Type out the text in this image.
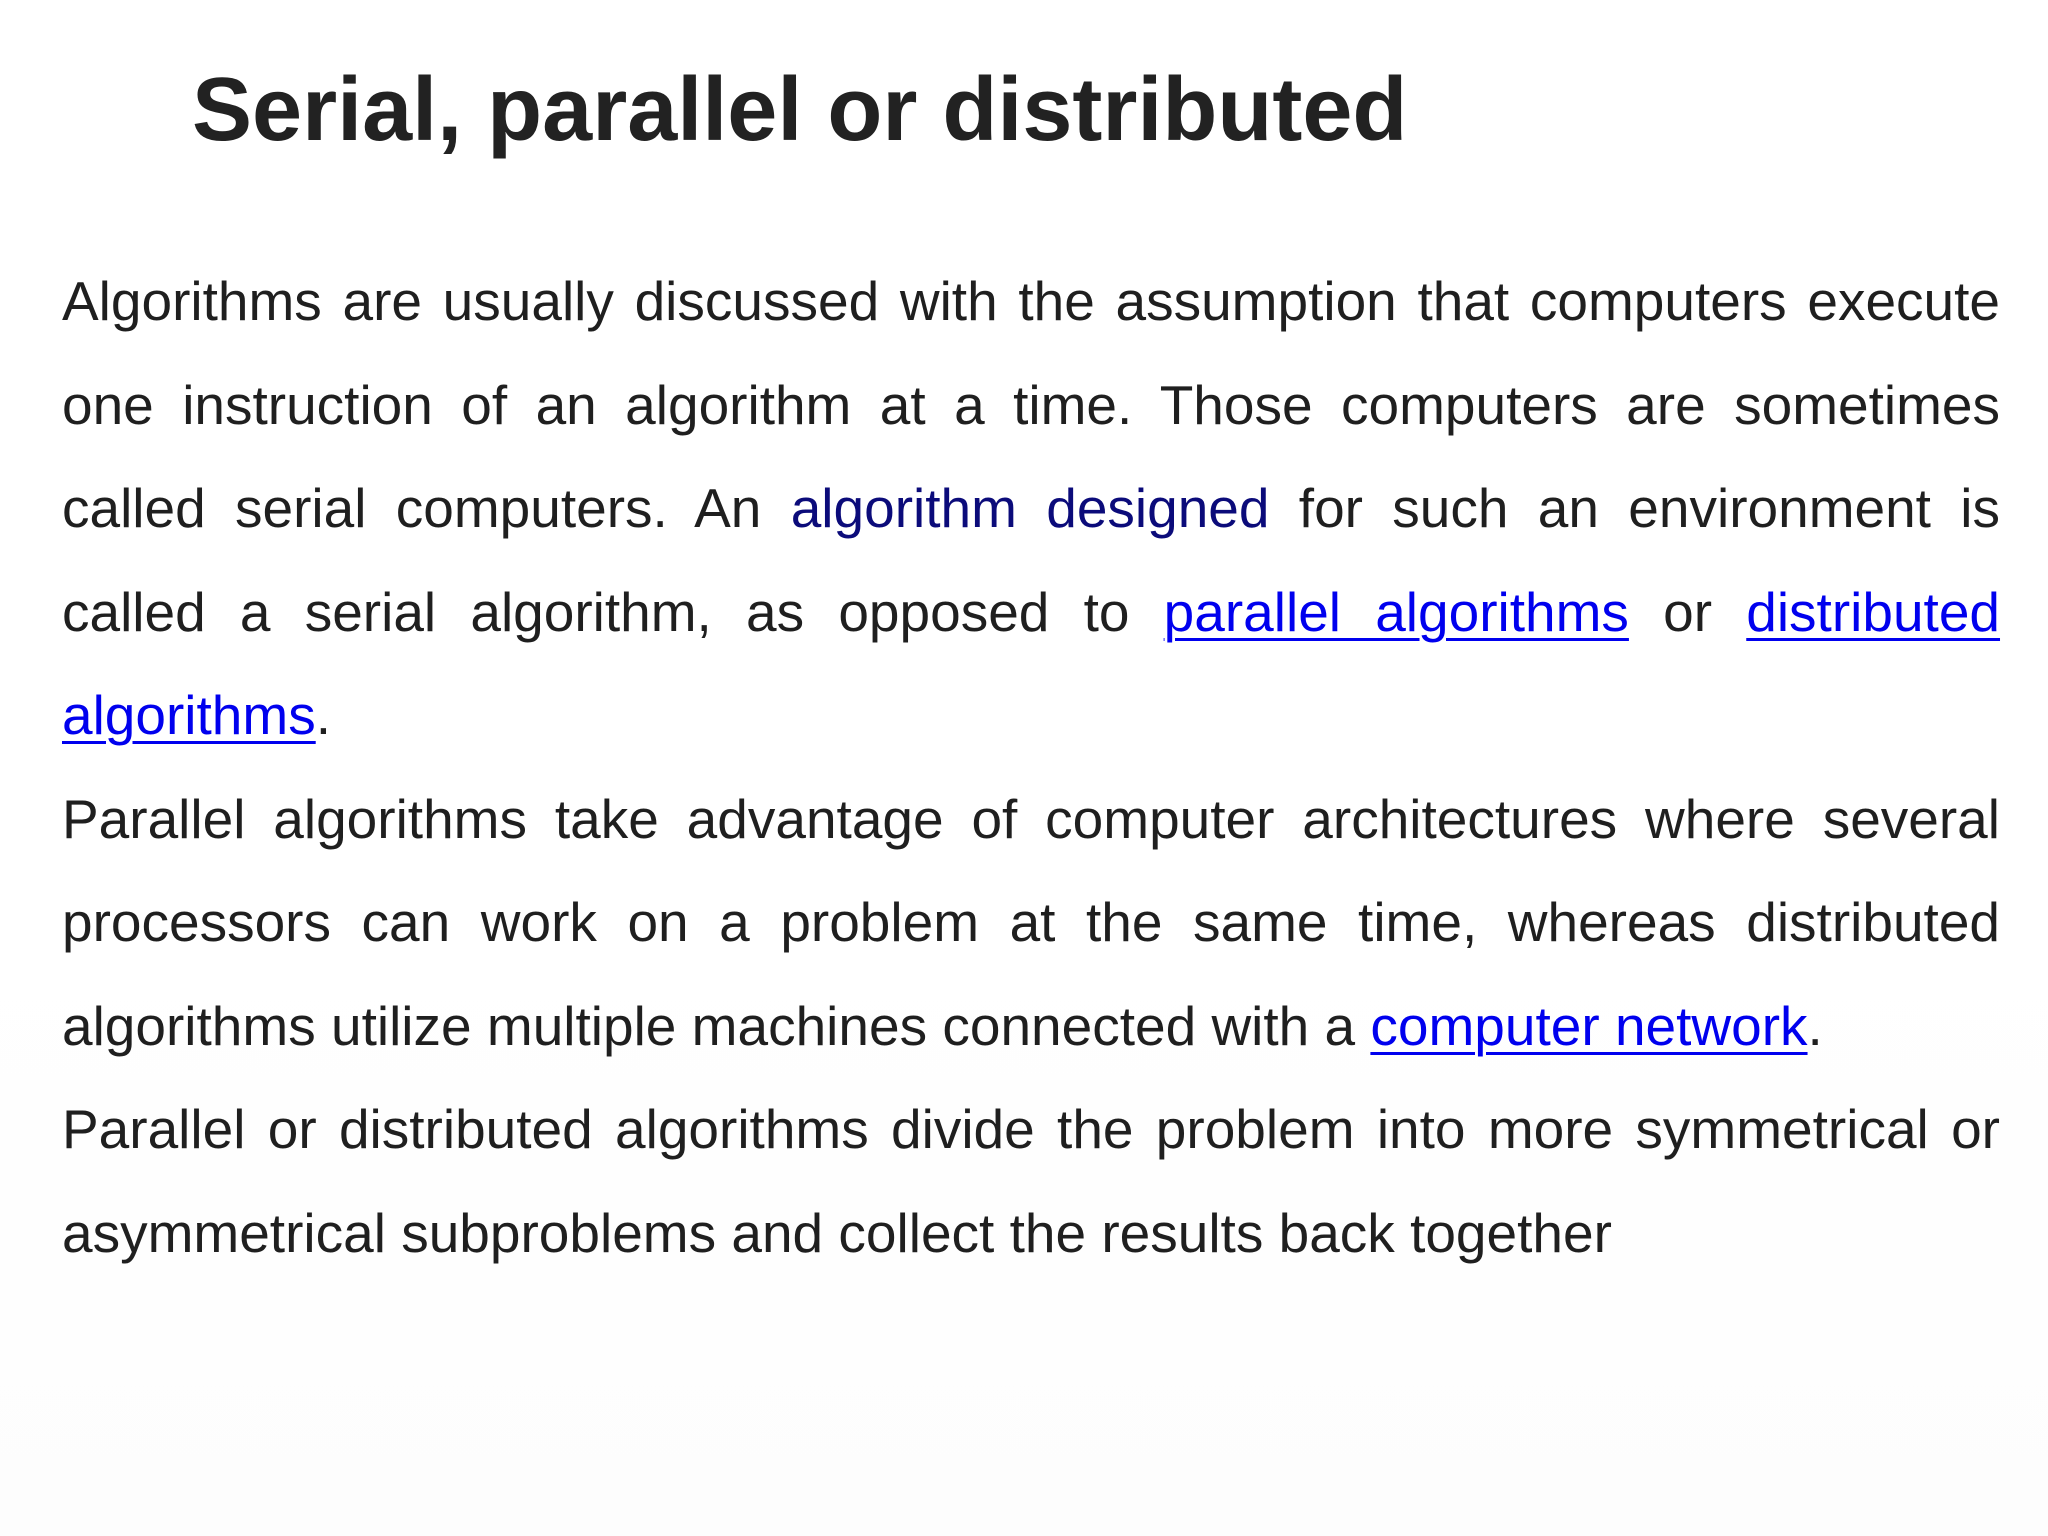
Serial, parallel or distributed

Algorithms are usually discussed with the assumption that computers execute one instruction of an algorithm at a time. Those computers are sometimes called serial computers. An algorithm designed for such an environment is called a serial algorithm, as opposed to parallel algorithms or distributed algorithms.

Parallel algorithms take advantage of computer architectures where several processors can work on a problem at the same time, whereas distributed algorithms utilize multiple machines connected with a computer network.

Parallel or distributed algorithms divide the problem into more symmetrical or asymmetrical subproblems and collect the results back together
